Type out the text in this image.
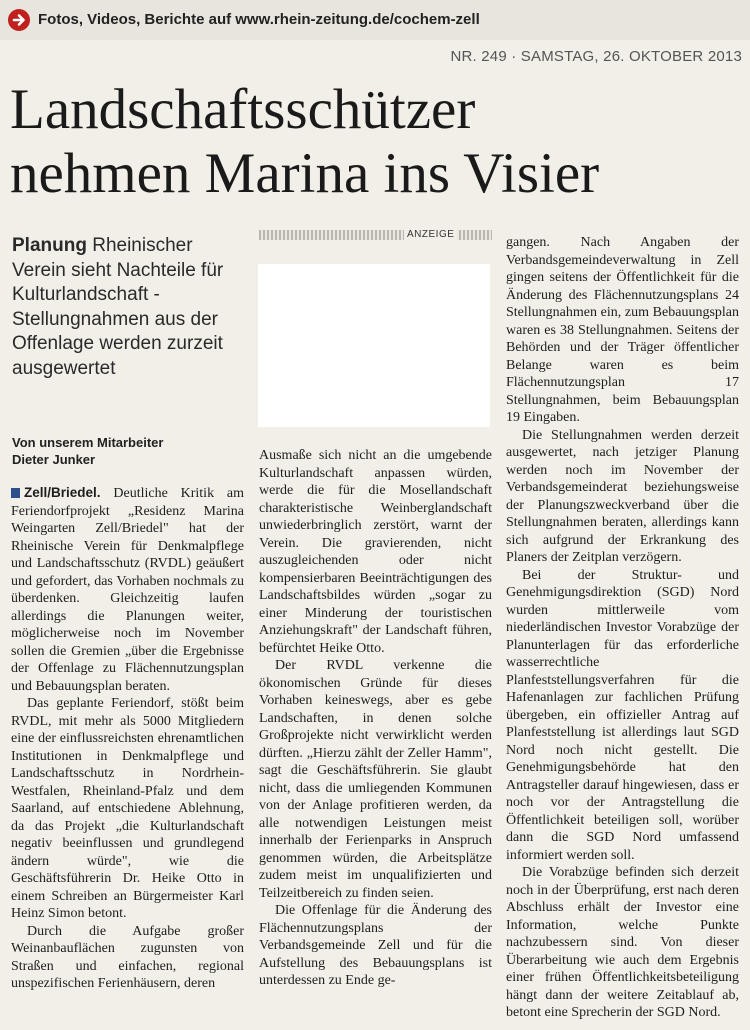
Fotos, Videos, Berichte auf www.rhein-zeitung.de/cochem-zell
NR. 249 · SAMSTAG, 26. OKTOBER 2013
Landschaftsschützer
nehmen Marina ins Visier
Planung Rheinischer Verein sieht Nachteile für Kulturlandschaft - Stellungnahmen aus der Offenlage werden zurzeit ausgewertet
Von unserem Mitarbeiter
Dieter Junker
ANZEIGE

Zell/Briedel. Deutliche Kritik am Feriendorfprojekt „Residenz Marina Weingarten Zell/Briedel" hat der Rheinische Verein für Denkmalpflege und Landschaftsschutz (RVDL) geäußert und gefordert, das Vorhaben nochmals zu überdenken. Gleichzeitig laufen allerdings die Planungen weiter, möglicherweise noch im November sollen die Gremien „über die Ergebnisse der Offenlage zu Flächennutzungsplan und Bebauungsplan beraten.

Das geplante Feriendorf, stößt beim RVDL, mit mehr als 5000 Mitgliedern eine der einflussreichsten ehrenamtlichen Institutionen in Denkmalpflege und Landschaftsschutz in Nordrhein-Westfalen, Rheinland-Pfalz und dem Saarland, auf entschiedene Ablehnung, da das Projekt „die Kulturlandschaft negativ beeinflussen und grundlegend ändern würde", wie die Geschäftsführerin Dr. Heike Otto in einem Schreiben an Bürgermeister Karl Heinz Simon betont.

Durch die Aufgabe großer Weinanbauflächen zugunsten von Straßen und einfachen, regional unspezifischen Ferienhäusern, deren

Ausmaße sich nicht an die umgebende Kulturlandschaft anpassen würden, werde die für die Mosellandschaft charakteristische Weinberglandschaft unwiederbringlich zerstört, warnt der Verein. Die gravierenden, nicht auszugleichenden oder nicht kompensierbaren Beeinträchtigungen des Landschaftsbildes würden „sogar zu einer Minderung der touristischen Anziehungskraft" der Landschaft führen, befürchtet Heike Otto.

Der RVDL verkenne die ökonomischen Gründe für dieses Vorhaben keineswegs, aber es gebe Landschaften, in denen solche Großprojekte nicht verwirklicht werden dürften. „Hierzu zählt der Zeller Hamm", sagt die Geschäftsführerin. Sie glaubt nicht, dass die umliegenden Kommunen von der Anlage profitieren werden, da alle notwendigen Leistungen meist innerhalb der Ferienparks in Anspruch genommen würden, die Arbeitsplätze zudem meist im unqualifizierten und Teilzeitbereich zu finden seien.

Die Offenlage für die Änderung des Flächennutzungsplans der Verbandsgemeinde Zell und für die Aufstellung des Bebauungsplans ist unterdessen zu Ende ge-

gangen. Nach Angaben der Verbandsgemeindeverwaltung in Zell gingen seitens der Öffentlichkeit für die Änderung des Flächennutzungsplans 24 Stellungnahmen ein, zum Bebauungsplan waren es 38 Stellungnahmen. Seitens der Behörden und der Träger öffentlicher Belange waren es beim Flächennutzungsplan 17 Stellungnahmen, beim Bebauungsplan 19 Eingaben.

Die Stellungnahmen werden derzeit ausgewertet, nach jetziger Planung werden noch im November der Verbandsgemeinderat beziehungsweise der Planungszweckverband über die Stellungnahmen beraten, allerdings kann sich aufgrund der Erkrankung des Planers der Zeitplan verzögern.

Bei der Struktur- und Genehmigungsdirektion (SGD) Nord wurden mittlerweile vom niederländischen Investor Vorabzüge der Planunterlagen für das erforderliche wasserrechtliche Planfeststellungsverfahren für die Hafenanlagen zur fachlichen Prüfung übergeben, ein offizieller Antrag auf Planfeststellung ist allerdings laut SGD Nord noch nicht gestellt. Die Genehmigungsbehörde hat den Antragsteller darauf hingewiesen, dass er noch vor der Antragstellung die Öffentlichkeit beteiligen soll, worüber dann die SGD Nord umfassend informiert werden soll.

Die Vorabzüge befinden sich derzeit noch in der Überprüfung, erst nach deren Abschluss erhält der Investor eine Information, welche Punkte nachzubessern sind. Von dieser Überarbeitung wie auch dem Ergebnis einer frühen Öffentlichkeitsbeteiligung hängt dann der weitere Zeitablauf ab, betont eine Sprecherin der SGD Nord.
